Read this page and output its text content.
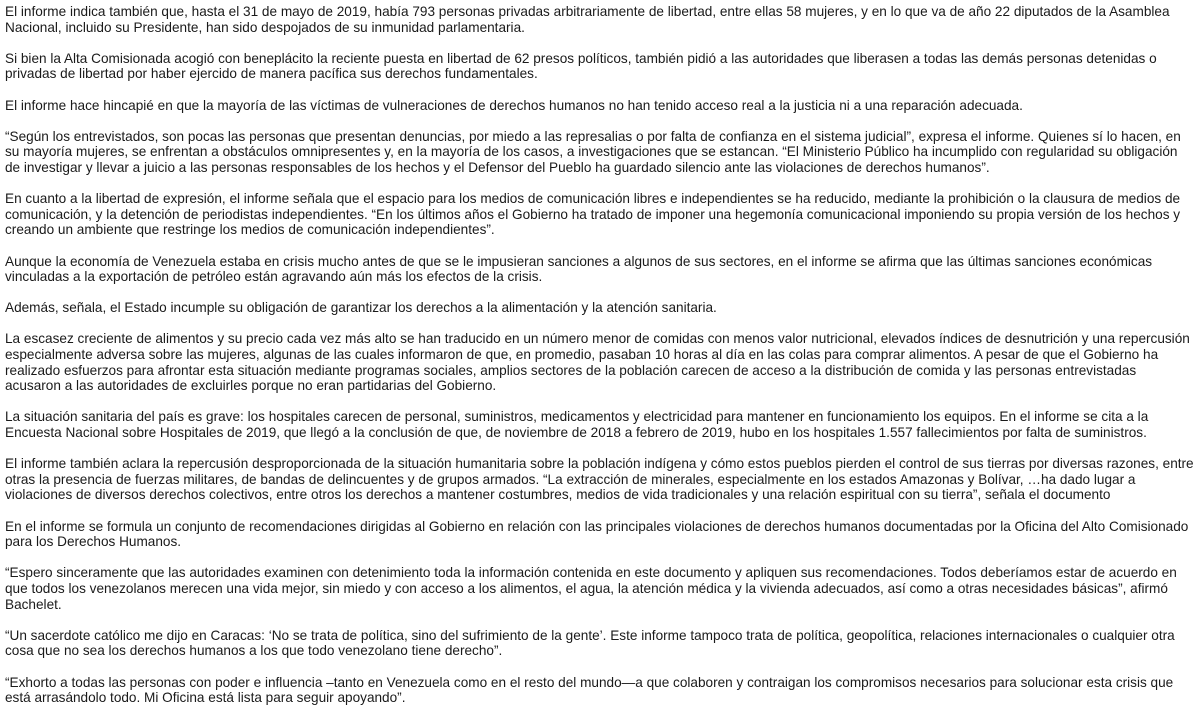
El informe indica también que, hasta el 31 de mayo de 2019, había 793 personas privadas arbitrariamente de libertad, entre ellas 58 mujeres, y en lo que va de año 22 diputados de la Asamblea
Nacional, incluido su Presidente, han sido despojados de su inmunidad parlamentaria.

Si bien la Alta Comisionada acogió con beneplácito la reciente puesta en libertad de 62 presos políticos, también pidió a las autoridades que liberasen a todas las demás personas detenidas o
privadas de libertad por haber ejercido de manera pacífica sus derechos fundamentales.

El informe hace hincapié en que la mayoría de las víctimas de vulneraciones de derechos humanos no han tenido acceso real a la justicia ni a una reparación adecuada.

“Según los entrevistados, son pocas las personas que presentan denuncias, por miedo a las represalias o por falta de confianza en el sistema judicial”, expresa el informe. Quienes sí lo hacen, en
su mayoría mujeres, se enfrentan a obstáculos omnipresentes y, en la mayoría de los casos, a investigaciones que se estancan. “El Ministerio Público ha incumplido con regularidad su obligación
de investigar y llevar a juicio a las personas responsables de los hechos y el Defensor del Pueblo ha guardado silencio ante las violaciones de derechos humanos”.

En cuanto a la libertad de expresión, el informe señala que el espacio para los medios de comunicación libres e independientes se ha reducido, mediante la prohibición o la clausura de medios de
comunicación, y la detención de periodistas independientes. “En los últimos años el Gobierno ha tratado de imponer una hegemonía comunicacional imponiendo su propia versión de los hechos y
creando un ambiente que restringe los medios de comunicación independientes”.

Aunque la economía de Venezuela estaba en crisis mucho antes de que se le impusieran sanciones a algunos de sus sectores, en el informe se afirma que las últimas sanciones económicas
vinculadas a la exportación de petróleo están agravando aún más los efectos de la crisis.

Además, señala, el Estado incumple su obligación de garantizar los derechos a la alimentación y la atención sanitaria.

La escasez creciente de alimentos y su precio cada vez más alto se han traducido en un número menor de comidas con menos valor nutricional, elevados índices de desnutrición y una repercusión
especialmente adversa sobre las mujeres, algunas de las cuales informaron de que, en promedio, pasaban 10 horas al día en las colas para comprar alimentos. A pesar de que el Gobierno ha
realizado esfuerzos para afrontar esta situación mediante programas sociales, amplios sectores de la población carecen de acceso a la distribución de comida y las personas entrevistadas
acusaron a las autoridades de excluirles porque no eran partidarias del Gobierno.

La situación sanitaria del país es grave: los hospitales carecen de personal, suministros, medicamentos y electricidad para mantener en funcionamiento los equipos. En el informe se cita a la
Encuesta Nacional sobre Hospitales de 2019, que llegó a la conclusión de que, de noviembre de 2018 a febrero de 2019, hubo en los hospitales 1.557 fallecimientos por falta de suministros.

El informe también aclara la repercusión desproporcionada de la situación humanitaria sobre la población indígena y cómo estos pueblos pierden el control de sus tierras por diversas razones, entre
otras la presencia de fuerzas militares, de bandas de delincuentes y de grupos armados. “La extracción de minerales, especialmente en los estados Amazonas y Bolívar, …ha dado lugar a
violaciones de diversos derechos colectivos, entre otros los derechos a mantener costumbres, medios de vida tradicionales y una relación espiritual con su tierra”, señala el documento

En el informe se formula un conjunto de recomendaciones dirigidas al Gobierno en relación con las principales violaciones de derechos humanos documentadas por la Oficina del Alto Comisionado
para los Derechos Humanos.

“Espero sinceramente que las autoridades examinen con detenimiento toda la información contenida en este documento y apliquen sus recomendaciones. Todos deberíamos estar de acuerdo en
que todos los venezolanos merecen una vida mejor, sin miedo y con acceso a los alimentos, el agua, la atención médica y la vivienda adecuados, así como a otras necesidades básicas”, afirmó
Bachelet.

“Un sacerdote católico me dijo en Caracas: ‘No se trata de política, sino del sufrimiento de la gente’. Este informe tampoco trata de política, geopolítica, relaciones internacionales o cualquier otra
cosa que no sea los derechos humanos a los que todo venezolano tiene derecho”.

“Exhorto a todas las personas con poder e influencia –tanto en Venezuela como en el resto del mundo—a que colaboren y contraigan los compromisos necesarios para solucionar esta crisis que
está arrasándolo todo. Mi Oficina está lista para seguir apoyando”.
